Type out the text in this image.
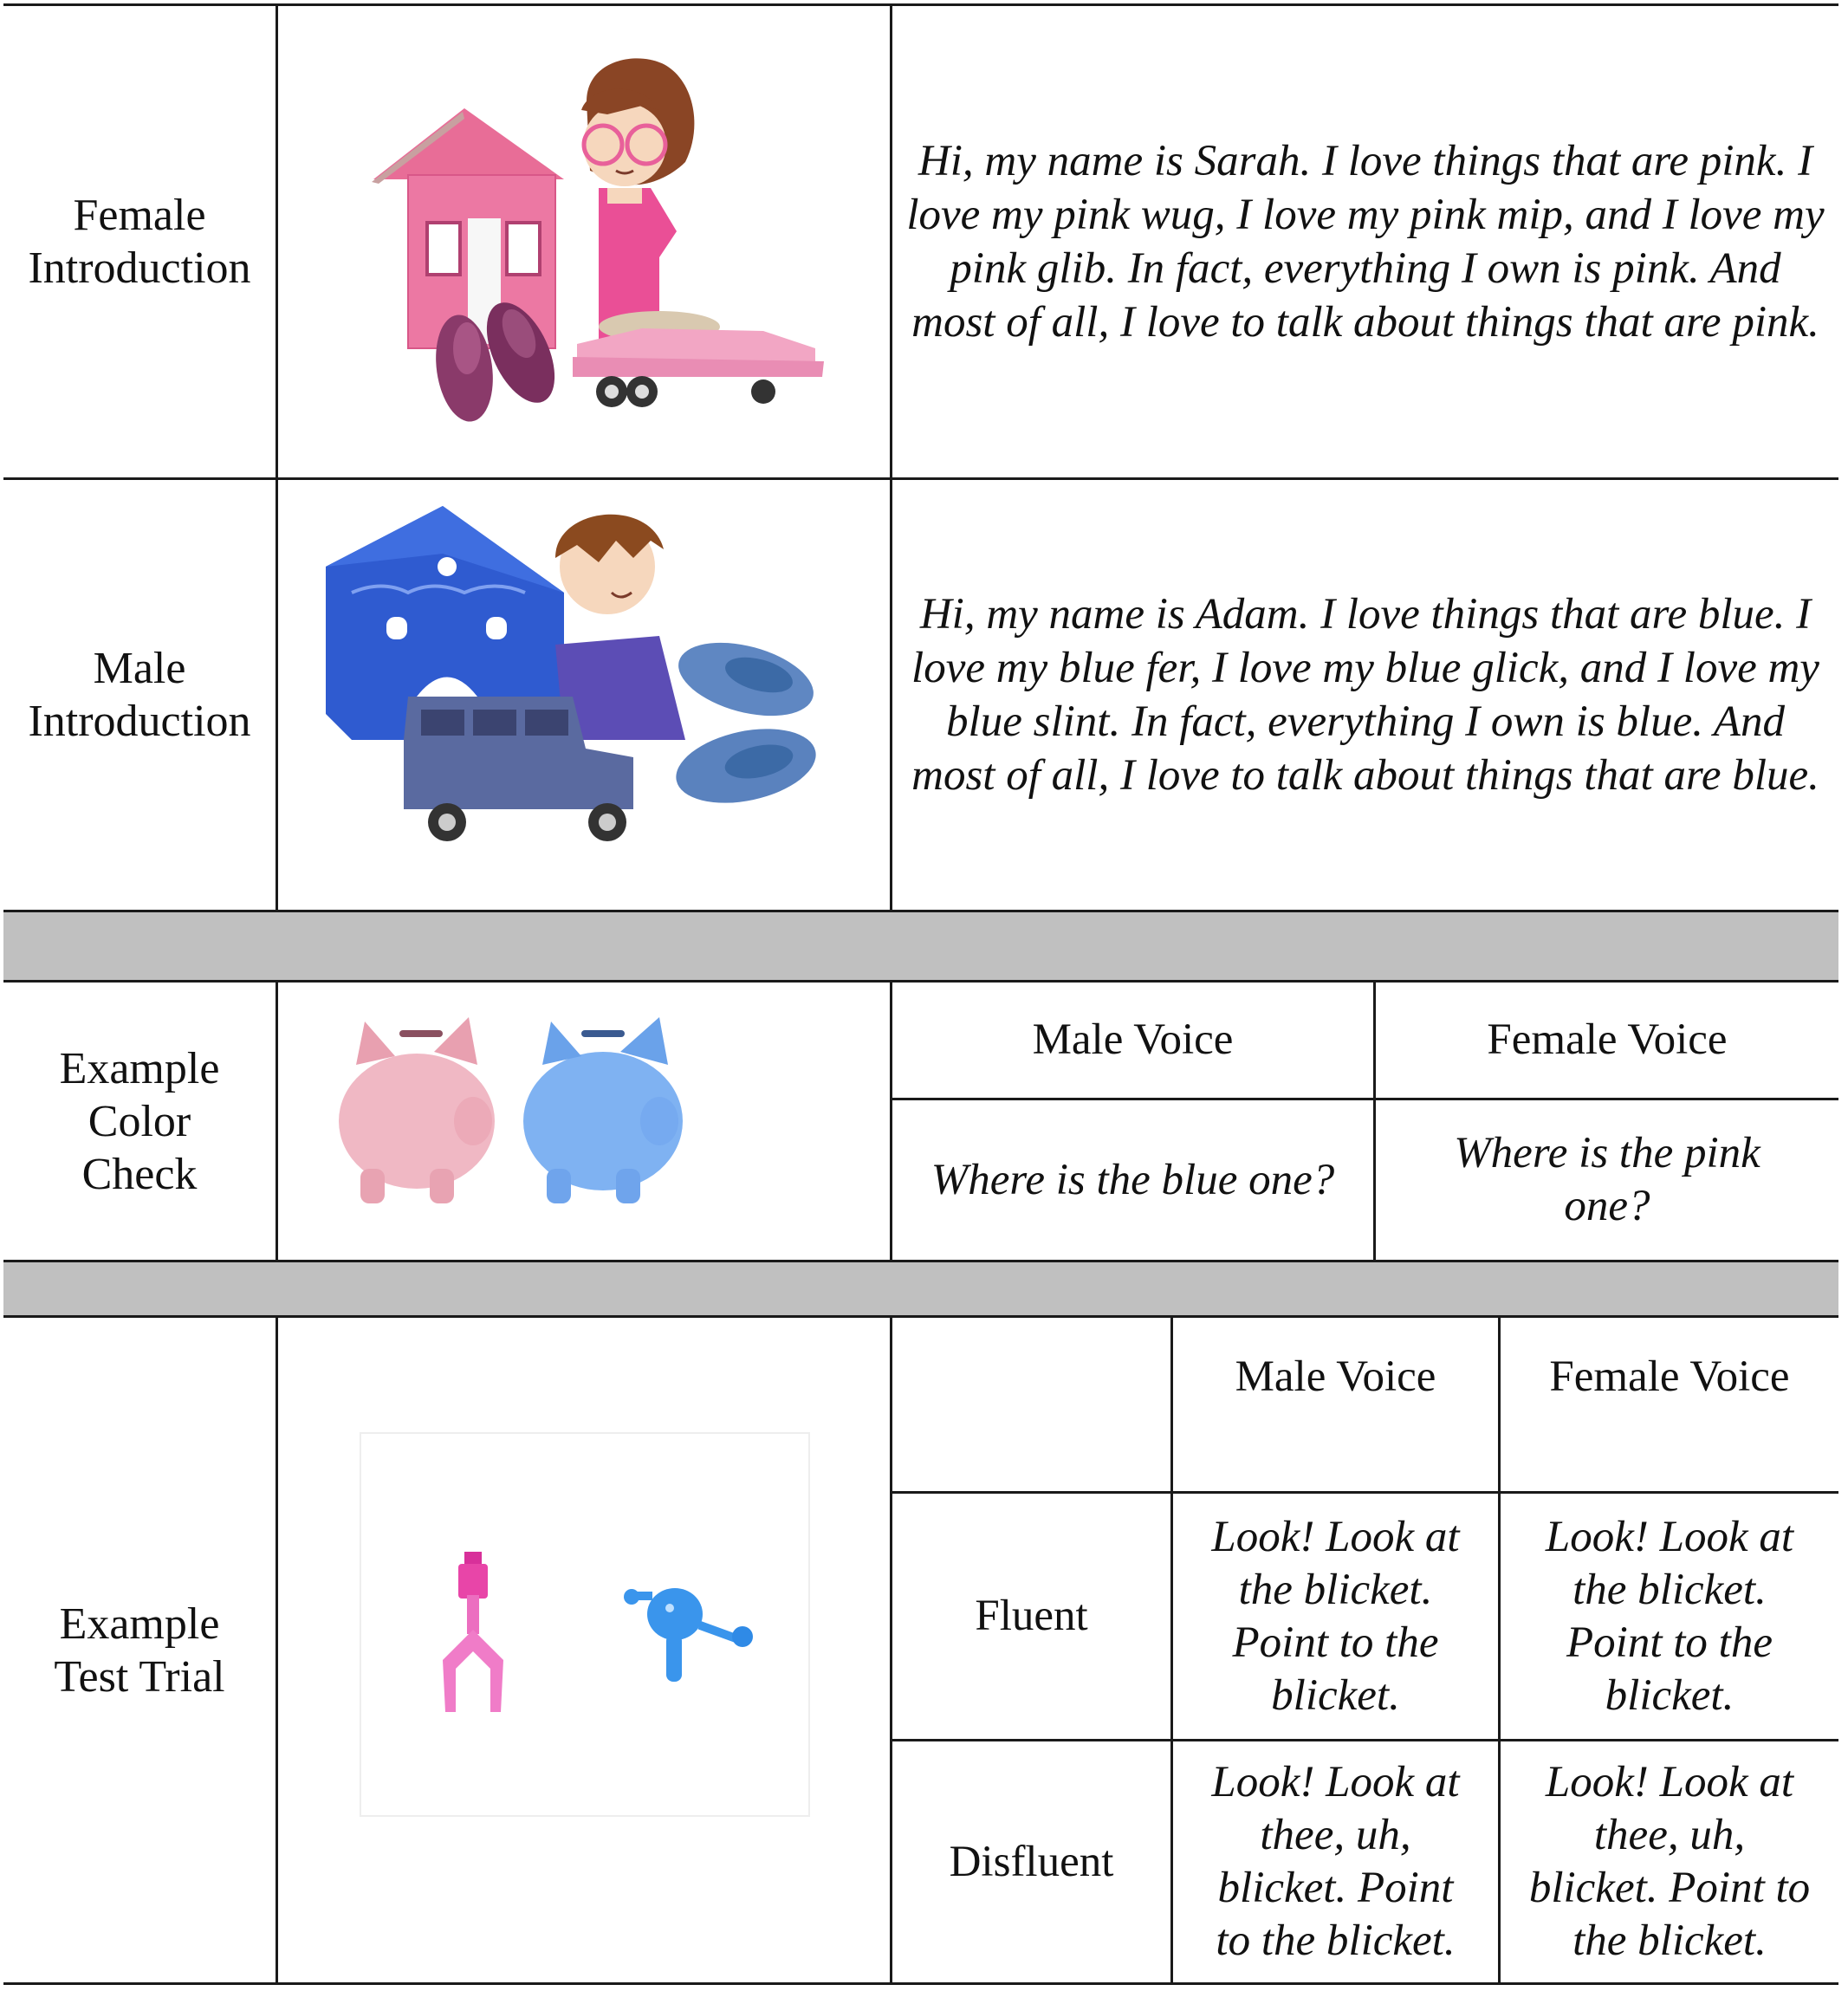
Female
Introduction
Hi, my name is Sarah. I love things that are pink. I love my pink wug, I love my pink mip, and I love my pink glib. In fact, everything I own is pink. And most of all, I love to talk about things that are pink.
Male
Introduction
Hi, my name is Adam. I love things that are blue. I love my blue fer, I love my blue glick, and I love my blue slint. In fact, everything I own is blue. And most of all, I love to talk about things that are blue.
Example
Color
Check
Male Voice	Female Voice
Where is the blue one?
Where is the pink
one?
Example
Test Trial
Male Voice	Female Voice
Fluent
Look! Look at
the blicket.
Point to the
blicket.
Look! Look at
the blicket.
Point to the
blicket.
Disfluent
Look! Look at
thee, uh,
blicket. Point
to the blicket.
Look! Look at
thee, uh,
blicket. Point to
the blicket.
